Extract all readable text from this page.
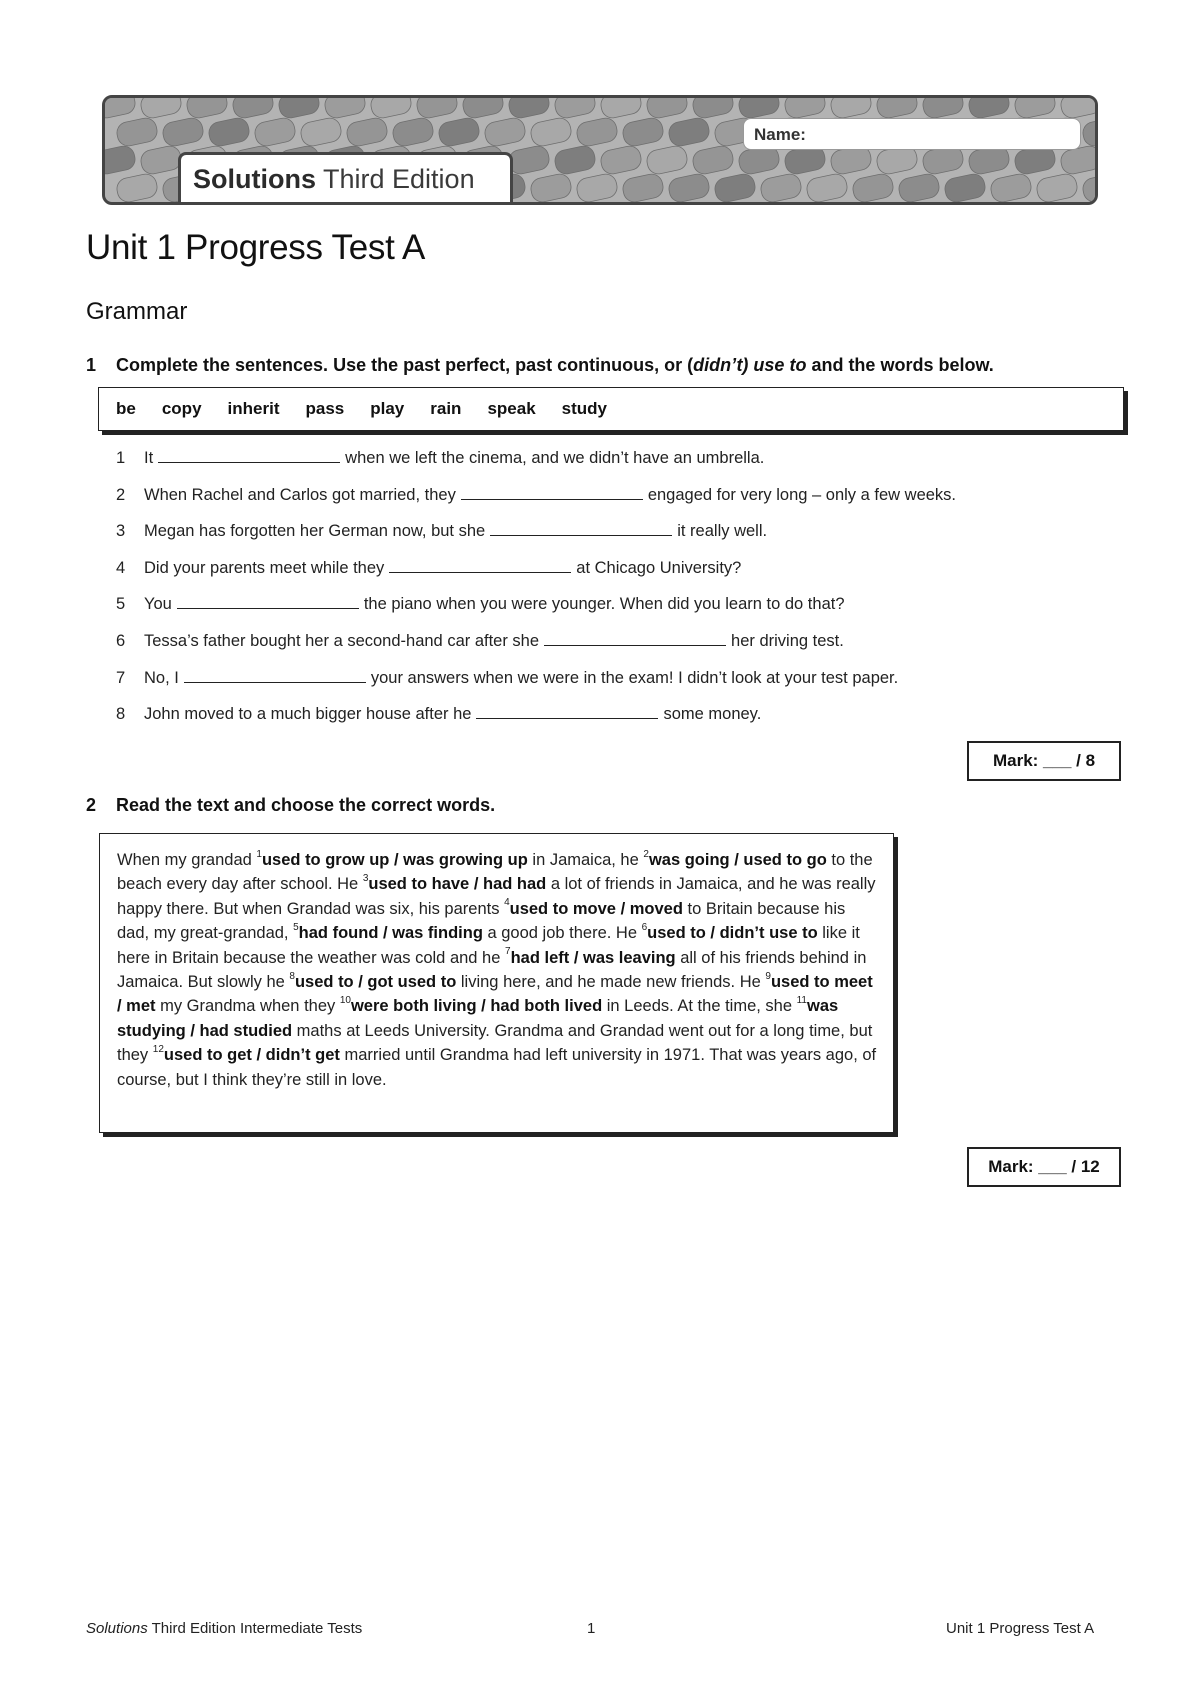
Name:
Solutions Third Edition
Unit 1 Progress Test A
Grammar
1 Complete the sentences. Use the past perfect, past continuous, or (didn’t) use to and the words below.
be copy inherit pass play rain speak study
1 It	when we left the cinema, and we didn’t have an umbrella.
2 When Rachel and Carlos got married, they	engaged for very long – only a few weeks.
3 Megan has forgotten her German now, but she	it really well.
4 Did your parents meet while they	at Chicago University?
5 You	the piano when you were younger. When did you learn to do that?
6 Tessa’s father bought her a second-hand car after she	her driving test.
7 No, I	your answers when we were in the exam! I didn’t look at your test paper.
8 John moved to a much bigger house after he	some money.
Mark: ___ / 8
2 Read the text and choose the correct words.
When my grandad $^1$used to grow up / was growing up in Jamaica, he $^2$was going / used to go to the beach every day after school. He $^3$used to have / had had a lot of friends in Jamaica, and he was really happy there. But when Grandad was six, his parents $^4$used to move / moved to Britain because his dad, my great-grandad, $^5$had found / was finding a good job there. He $^6$used to / didn’t use to like it here in Britain because the weather was cold and he $^7$had left / was leaving all of his friends behind in Jamaica. But slowly he $^8$used to / got used to living here, and he made new friends. He $^9$used to meet / met my Grandma when they $^{10}$were both living / had both lived in Leeds. At the time, she $^{11}$was studying / had studied maths at Leeds University. Grandma and Grandad went out for a long time, but they $^{12}$used to get / didn’t get married until Grandma had left university in 1971. That was years ago, of course, but I think they’re still in love.
Mark: ___ / 12
Solutions Third Edition Intermediate Tests	1	Unit 1 Progress Test A
